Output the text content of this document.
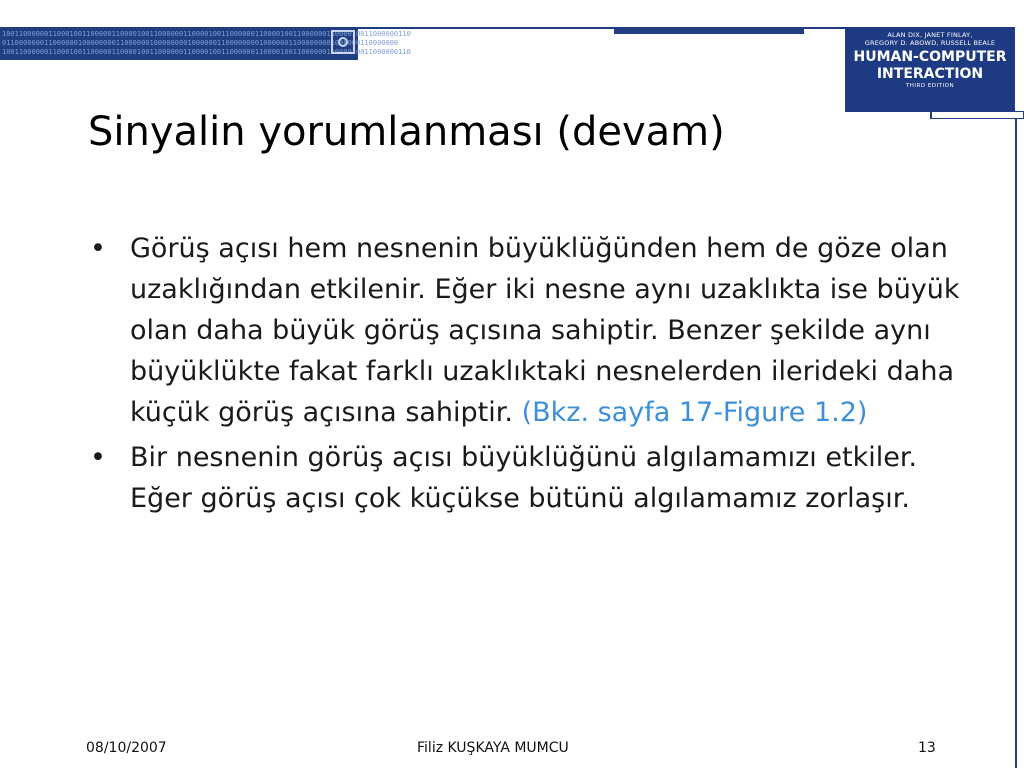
1001100000011000100110000011000010011000000110000100110000001100001001100000011000010011000000110
0110000000110000001000000001100000010000000010000001100000000100000011000000001000000110000000
1001100000011000100110000011000010011000000110000100110000001100001001100000011000010011000000110
ALAN DIX, JANET FINLAY,
GREGORY D. ABOWD, RUSSELL BEALE
HUMAN-COMPUTER
INTERACTION
THIRD EDITION
Sinyalin yorumlanması (devam)
• Görüş açısı hem nesnenin büyüklüğünden hem de göze olan uzaklığından etkilenir. Eğer iki nesne aynı uzaklıkta ise büyük olan daha büyük görüş açısına sahiptir. Benzer şekilde aynı büyüklükte fakat farklı uzaklıktaki nesnelerden ilerideki daha küçük görüş açısına sahiptir. (Bkz. sayfa 17-Figure 1.2)
• Bir nesnenin görüş açısı büyüklüğünü algılamamızı etkiler. Eğer görüş açısı çok küçükse bütünü algılamamız zorlaşır.
08/10/2007	Filiz KUŞKAYA MUMCU	13
